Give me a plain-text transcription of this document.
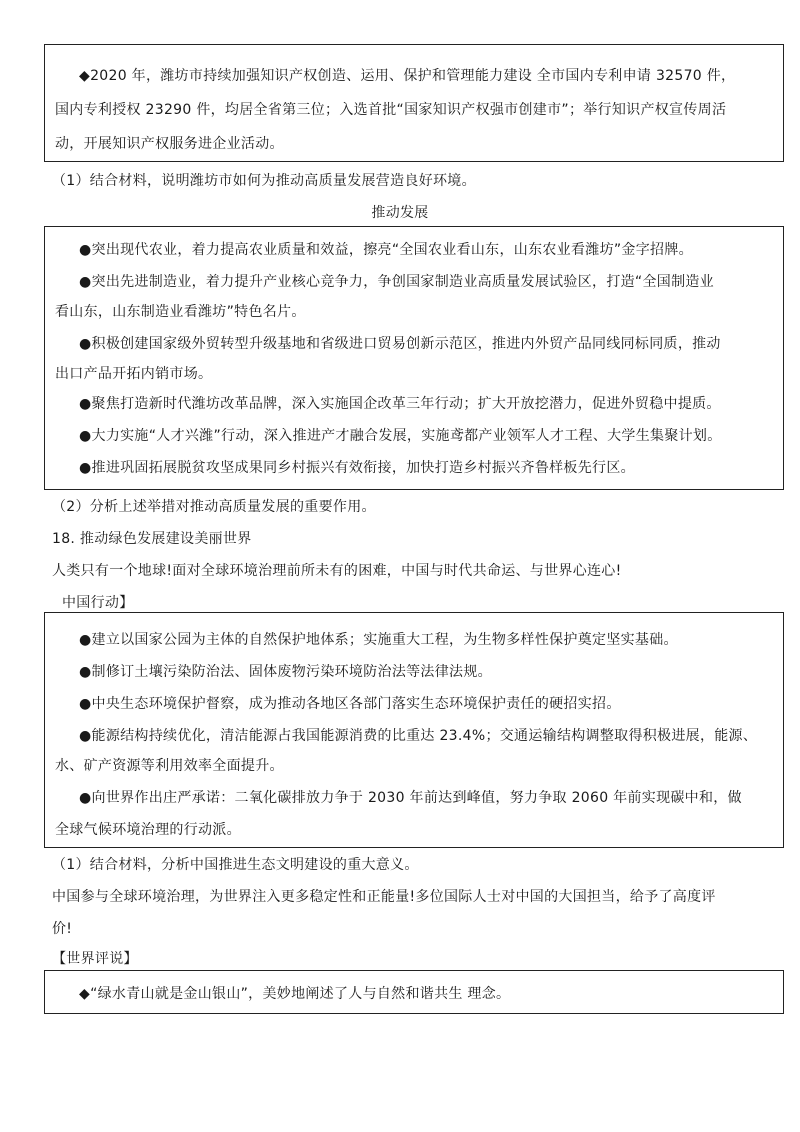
◆2020 年，潍坊市持续加强知识产权创造、运用、保护和管理能力建设 全市国内专利申请 32570 件，
国内专利授权 23290 件，均居全省第三位；入选首批“国家知识产权强市创建市”；举行知识产权宣传周活
动，开展知识产权服务进企业活动。
（1）结合材料，说明潍坊市如何为推动高质量发展营造良好环境。
推动发展
●突出现代农业，着力提高农业质量和效益，擦亮“全国农业看山东，山东农业看潍坊”金字招牌。
●突出先进制造业，着力提升产业核心竞争力，争创国家制造业高质量发展试验区，打造“全国制造业
看山东，山东制造业看潍坊”特色名片。
●积极创建国家级外贸转型升级基地和省级进口贸易创新示范区，推进内外贸产品同线同标同质，推动
出口产品开拓内销市场。
●聚焦打造新时代潍坊改革品牌，深入实施国企改革三年行动；扩大开放挖潜力，促进外贸稳中提质。
●大力实施“人才兴潍”行动，深入推进产才融合发展，实施鸢都产业领军人才工程、大学生集聚计划。
●推进巩固拓展脱贫攻坚成果同乡村振兴有效衔接，加快打造乡村振兴齐鲁样板先行区。
（2）分析上述举措对推动高质量发展的重要作用。
18. 推动绿色发展建设美丽世界
人类只有一个地球!面对全球环境治理前所未有的困难，中国与时代共命运、与世界心连心!
中国行动】
●建立以国家公园为主体的自然保护地体系；实施重大工程，为生物多样性保护奠定坚实基础。
●制修订土壤污染防治法、固体废物污染环境防治法等法律法规。
●中央生态环境保护督察，成为推动各地区各部门落实生态环境保护责任的硬招实招。
●能源结构持续优化，清洁能源占我国能源消费的比重达 23.4%；交通运输结构调整取得积极进展，能源、
水、矿产资源等利用效率全面提升。
●向世界作出庄严承诺：二氧化碳排放力争于 2030 年前达到峰值，努力争取 2060 年前实现碳中和，做
全球气候环境治理的行动派。
（1）结合材料，分析中国推进生态文明建设的重大意义。
中国参与全球环境治理，为世界注入更多稳定性和正能量!多位国际人士对中国的大国担当，给予了高度评
价!
【世界评说】
◆“绿水青山就是金山银山”，美妙地阐述了人与自然和谐共生 理念。
